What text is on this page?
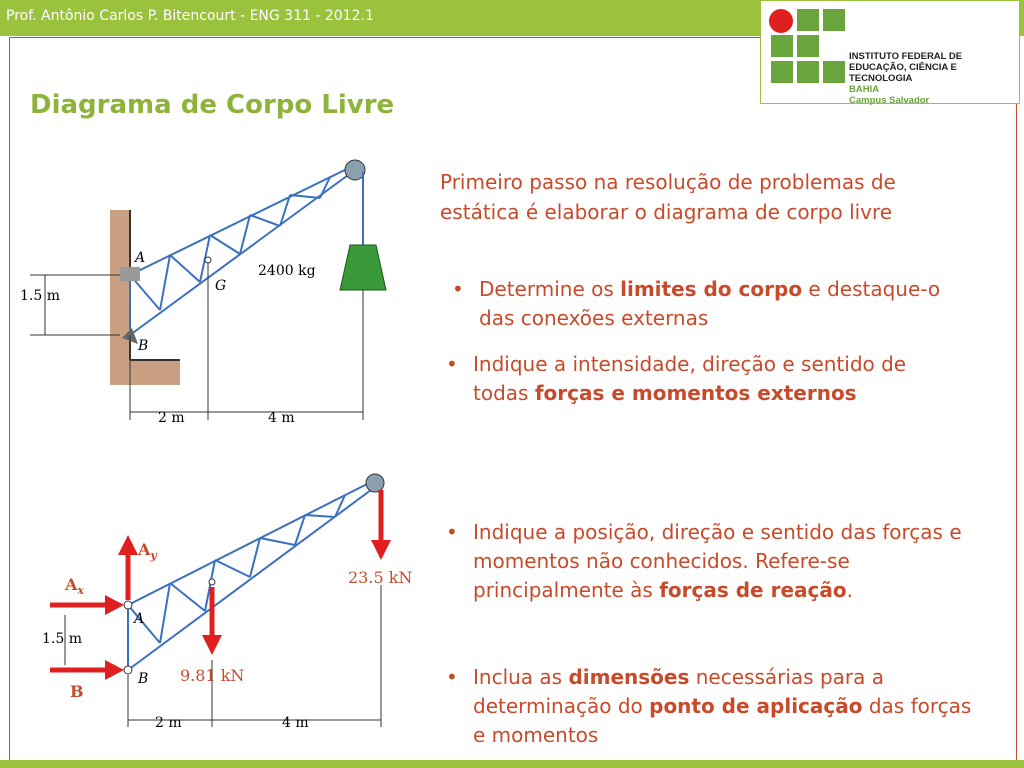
Prof. Antônio Carlos P. Bitencourt - ENG 311 - 2012.1
INSTITUTO FEDERAL DE
EDUCAÇÃO, CIÊNCIA E TECNOLOGIA
BAHIA
Campus Salvador
Diagrama de Corpo Livre
Primeiro passo na resolução de problemas de estática é elaborar o diagrama de corpo livre
• Determine os limites do corpo e destaque-o das conexões externas
• Indique a intensidade, direção e sentido de todas forças e momentos externos
• Indique a posição, direção e sentido das forças e momentos não conhecidos. Refere-se principalmente às forças de reação.
• Inclua as dimensões necessárias para a determinação do ponto de aplicação das forças e momentos
A
B
G
2400 kg
1.5 m
2 m	4 m
$A_y$
$A_x$
A
B
B
9.81 kN
23.5 kN
1.5 m
2 m	4 m
